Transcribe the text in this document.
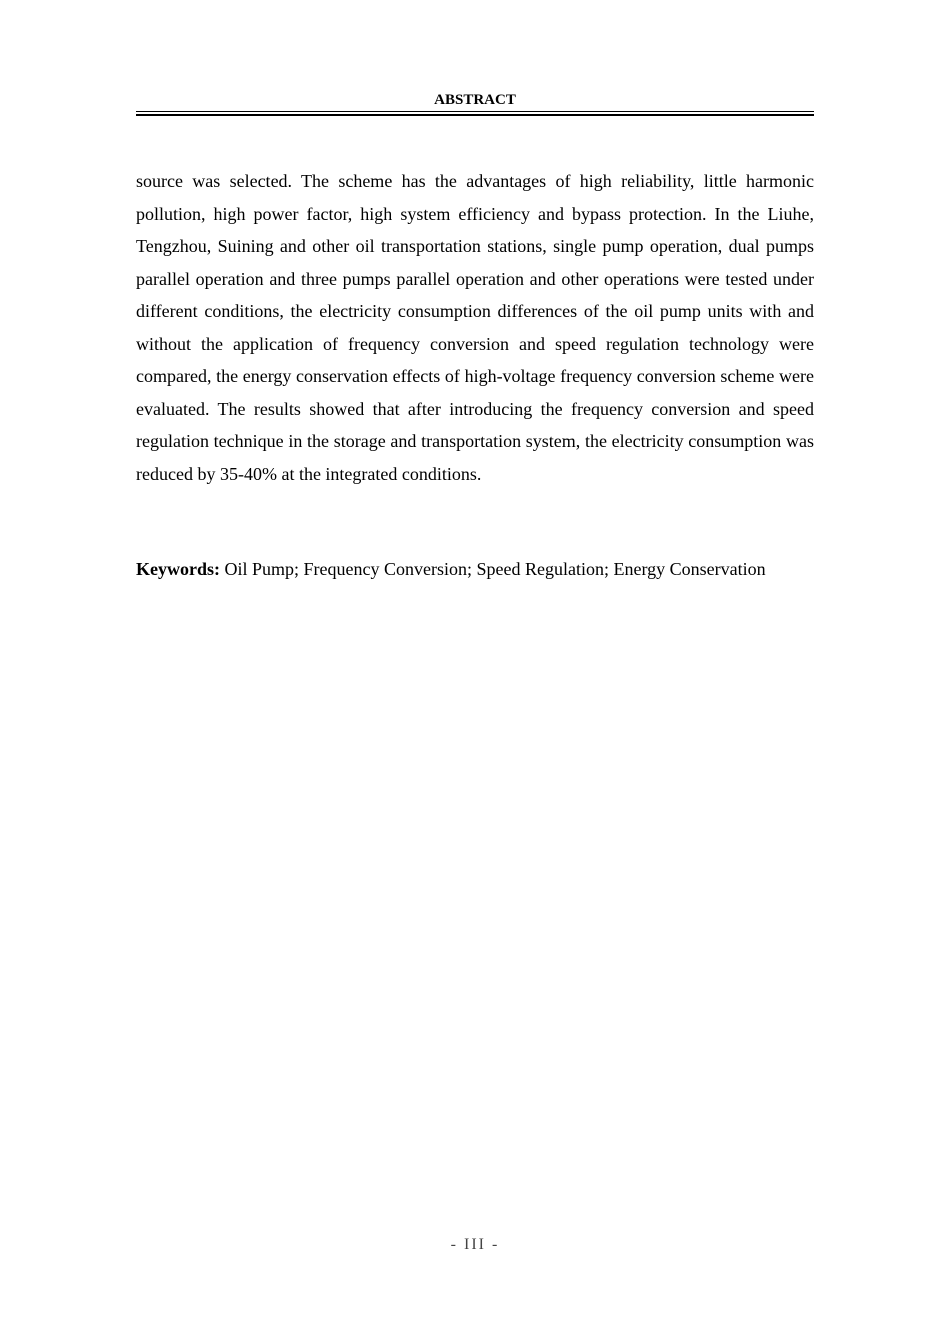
ABSTRACT

source was selected. The scheme has the advantages of high reliability, little harmonic pollution, high power factor, high system efficiency and bypass protection. In the Liuhe, Tengzhou, Suining and other oil transportation stations, single pump operation, dual pumps parallel operation and three pumps parallel operation and other operations were tested under different conditions, the electricity consumption differences of the oil pump units with and without the application of frequency conversion and speed regulation technology were compared, the energy conservation effects of high-voltage frequency conversion scheme were evaluated. The results showed that after introducing the frequency conversion and speed regulation technique in the storage and transportation system, the electricity consumption was reduced by 35-40% at the integrated conditions.

Keywords: Oil Pump; Frequency Conversion; Speed Regulation; Energy Conservation

- III -
